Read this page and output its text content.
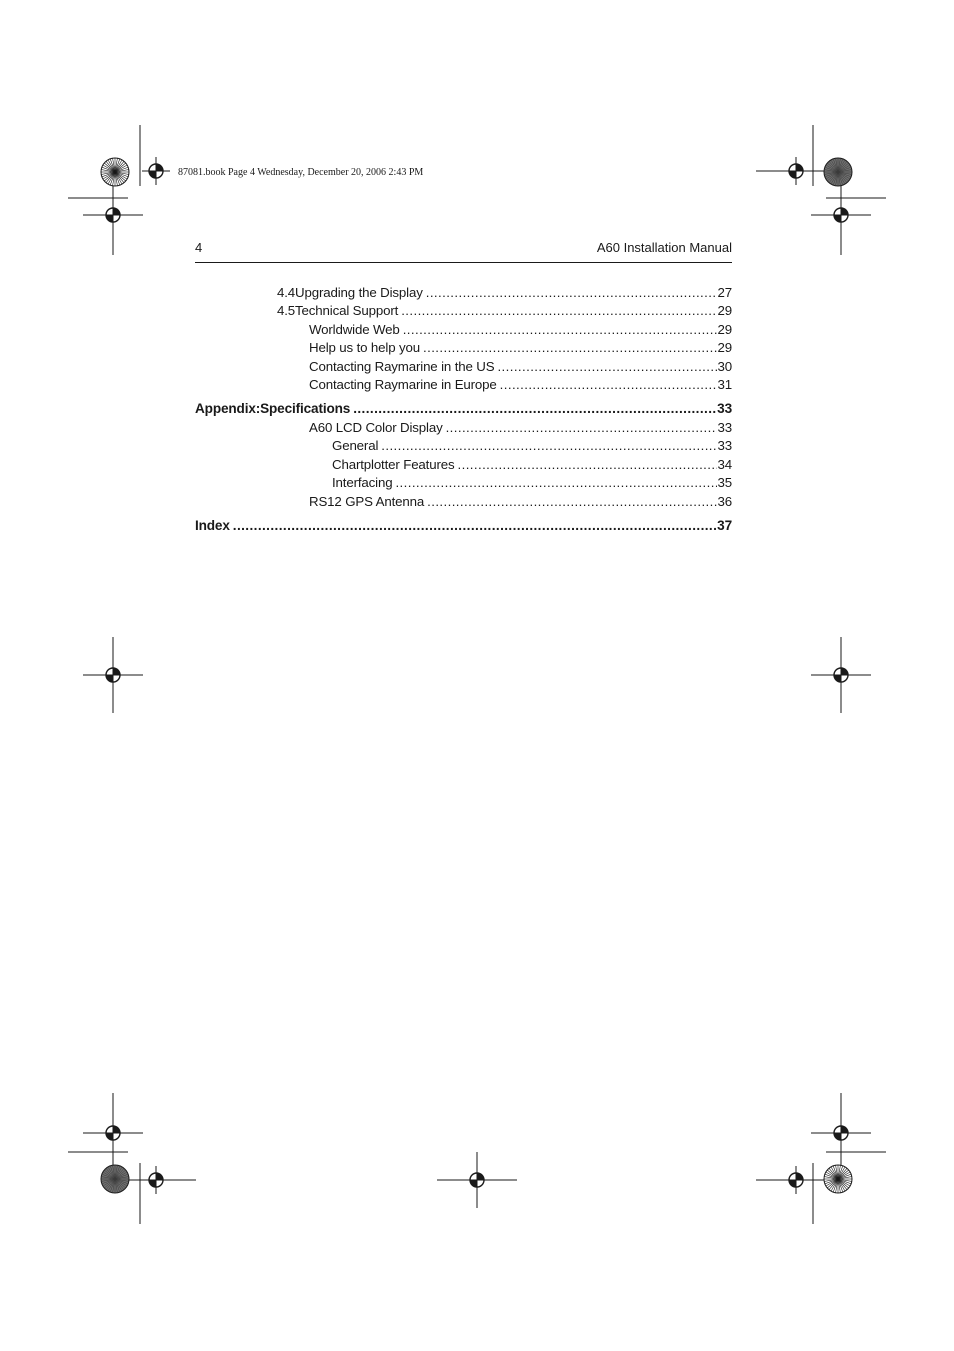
87081.book Page 4 Wednesday, December 20, 2006 2:43 PM
4	A60 Installation Manual
4.4 Upgrading the Display .....	27
4.5 Technical Support .....	29
Worldwide Web .....	29
Help us to help you .....	29
Contacting Raymarine in the US .....	30
Contacting Raymarine in Europe .....	31
Appendix: Specifications .....	33
A60 LCD Color Display .....	33
General .....	33
Chartplotter Features .....	34
Interfacing .....	35
RS12 GPS Antenna .....	36
Index .....	37
